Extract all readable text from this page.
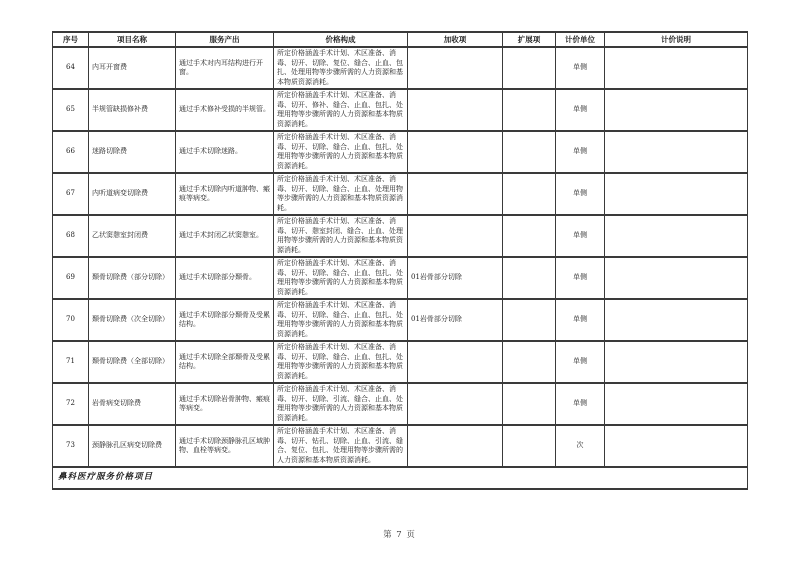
序号	项目名称	服务产出	价格构成	加收项	扩展项	计价单位	计价说明
64	内耳开窗费	通过手术对内耳结构进行开窗。	所定价格涵盖手术计划、术区准备、消毒、切开、切除、复位、缝合、止血、包扎、处理用物等步骤所需的人力资源和基本物质资源消耗。			单侧	
65	半规管缺损修补费	通过手术修补受损的半规管。	所定价格涵盖手术计划、术区准备、消毒、切开、修补、缝合、止血、包扎、处理用物等步骤所需的人力资源和基本物质资源消耗。			单侧	
66	迷路切除费	通过手术切除迷路。	所定价格涵盖手术计划、术区准备、消毒、切开、切除、缝合、止血、包扎、处理用物等步骤所需的人力资源和基本物质资源消耗。			单侧	
67	内听道病变切除费	通过手术切除内听道肿物、瘢痕等病变。	所定价格涵盖手术计划、术区准备、消毒、切开、切除、缝合、止血、处理用物等步骤所需的人力资源和基本物质资源消耗。			单侧	
68	乙状窦憩室封闭费	通过手术封闭乙状窦憩室。	所定价格涵盖手术计划、术区准备、消毒、切开、憩室封闭、缝合、止血、处理用物等步骤所需的人力资源和基本物质资源消耗。			单侧	
69	颞骨切除费（部分切除）	通过手术切除部分颞骨。	所定价格涵盖手术计划、术区准备、消毒、切开、切除、缝合、止血、包扎、处理用物等步骤所需的人力资源和基本物质资源消耗。	01岩骨部分切除		单侧	
70	颞骨切除费（次全切除）	通过手术切除部分颞骨及受累结构。	所定价格涵盖手术计划、术区准备、消毒、切开、切除、缝合、止血、包扎、处理用物等步骤所需的人力资源和基本物质资源消耗。	01岩骨部分切除		单侧	
71	颞骨切除费（全部切除）	通过手术切除全部颞骨及受累结构。	所定价格涵盖手术计划、术区准备、消毒、切开、切除、缝合、止血、包扎、处理用物等步骤所需的人力资源和基本物质资源消耗。			单侧	
72	岩骨病变切除费	通过手术切除岩骨肿物、瘢痕等病变。	所定价格涵盖手术计划、术区准备、消毒、切开、切除、引流、缝合、止血、处理用物等步骤所需的人力资源和基本物质资源消耗。			单侧	
73	颈静脉孔区病变切除费	通过手术切除颈静脉孔区域肿物、血栓等病变。	所定价格涵盖手术计划、术区准备、消毒、切开、钻孔、切除、止血、引流、缝合、复位、包扎、处理用物等步骤所需的人力资源和基本物质资源消耗。			次	
鼻科医疗服务价格项目							
第 7 页
